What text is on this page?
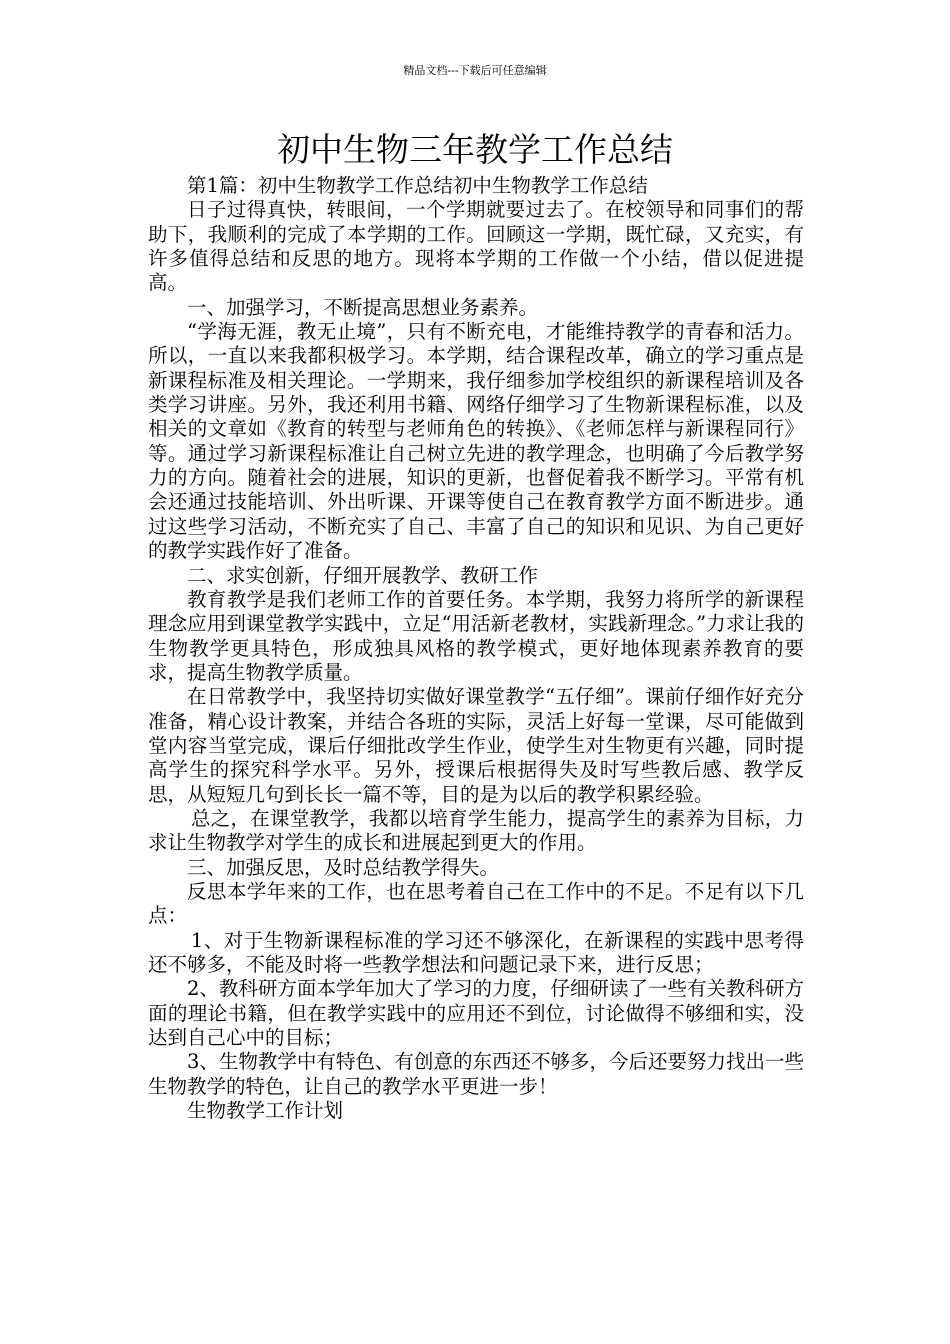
精品文档---下载后可任意编辑
初中生物三年教学工作总结

第1篇：初中生物教学工作总结初中生物教学工作总结

日子过得真快，转眼间，一个学期就要过去了。在校领导和同事们的帮助下，我顺利的完成了本学期的工作。回顾这一学期，既忙碌，又充实，有许多值得总结和反思的地方。现将本学期的工作做一个小结，借以促进提高。

一、加强学习，不断提高思想业务素养。

“学海无涯，教无止境”，只有不断充电，才能维持教学的青春和活力。所以，一直以来我都积极学习。本学期，结合课程改革，确立的学习重点是新课程标准及相关理论。一学期来，我仔细参加学校组织的新课程培训及各类学习讲座。另外，我还利用书籍、网络仔细学习了生物新课程标准，以及相关的文章如《教育的转型与老师角色的转换》、《老师怎样与新课程同行》等。通过学习新课程标准让自己树立先进的教学理念，也明确了今后教学努力的方向。随着社会的进展，知识的更新，也督促着我不断学习。平常有机会还通过技能培训、外出听课、开课等使自己在教育教学方面不断进步。通过这些学习活动，不断充实了自己、丰富了自己的知识和见识、为自己更好的教学实践作好了准备。

二、求实创新，仔细开展教学、教研工作

教育教学是我们老师工作的首要任务。本学期，我努力将所学的新课程理念应用到课堂教学实践中，立足“用活新老教材，实践新理念。”力求让我的生物教学更具特色，形成独具风格的教学模式，更好地体现素养教育的要求，提高生物教学质量。

在日常教学中，我坚持切实做好课堂教学“五仔细”。课前仔细作好充分准备，精心设计教案，并结合各班的实际，灵活上好每一堂课，尽可能做到堂内容当堂完成，课后仔细批改学生作业，使学生对生物更有兴趣，同时提高学生的探究科学水平。另外，授课后根据得失及时写些教后感、教学反思，从短短几句到长长一篇不等，目的是为以后的教学积累经验。

总之，在课堂教学，我都以培育学生能力，提高学生的素养为目标，力求让生物教学对学生的成长和进展起到更大的作用。

三、加强反思，及时总结教学得失。

反思本学年来的工作，也在思考着自己在工作中的不足。不足有以下几点：

1、对于生物新课程标准的学习还不够深化，在新课程的实践中思考得还不够多，不能及时将一些教学想法和问题记录下来，进行反思；

2、教科研方面本学年加大了学习的力度，仔细研读了一些有关教科研方面的理论书籍，但在教学实践中的应用还不到位，讨论做得不够细和实，没达到自己心中的目标；

3、生物教学中有特色、有创意的东西还不够多，今后还要努力找出一些生物教学的特色，让自己的教学水平更进一步！

生物教学工作计划
